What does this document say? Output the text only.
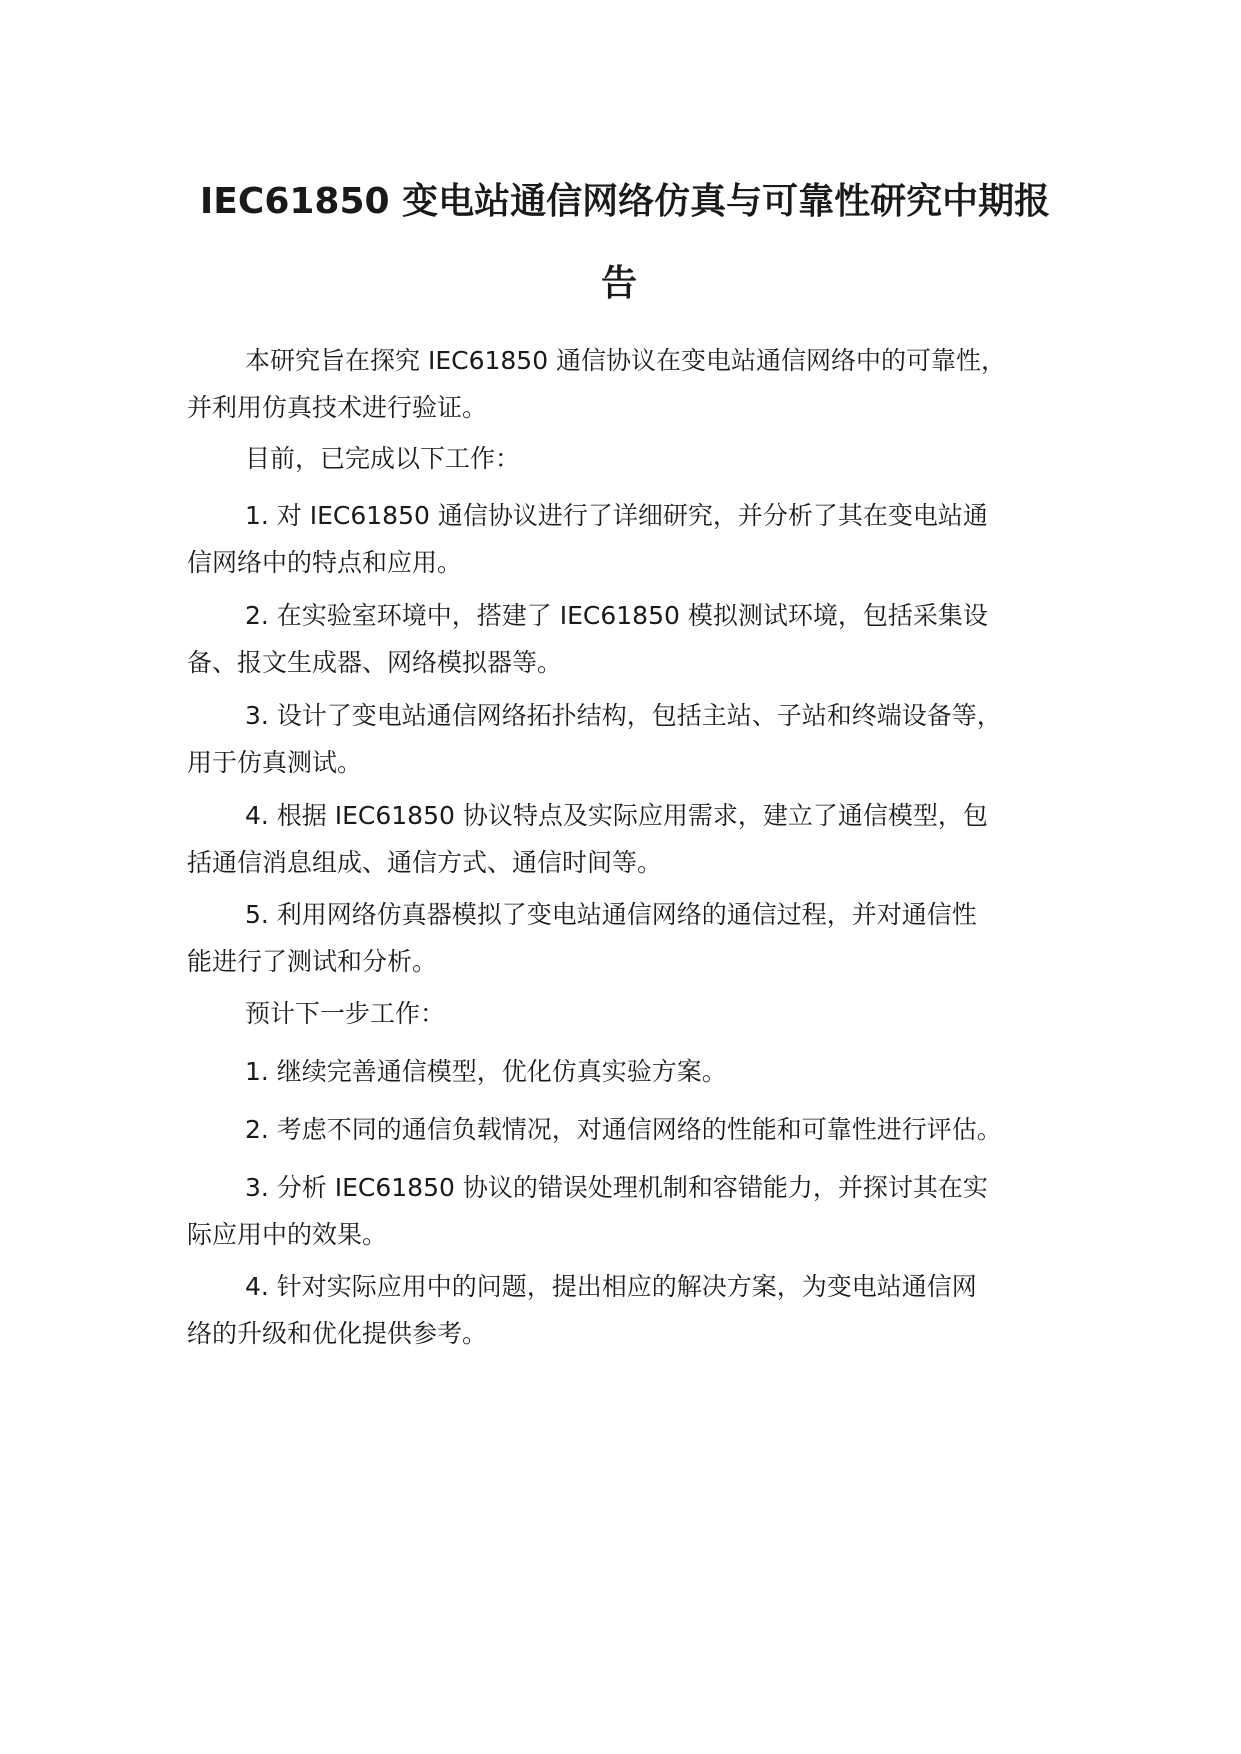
IEC61850 变电站通信网络仿真与可靠性研究中期报
告

本研究旨在探究 IEC61850 通信协议在变电站通信网络中的可靠性，
并利用仿真技术进行验证。

目前，已完成以下工作：

1. 对 IEC61850 通信协议进行了详细研究，并分析了其在变电站通
信网络中的特点和应用。

2. 在实验室环境中，搭建了 IEC61850 模拟测试环境，包括采集设
备、报文生成器、网络模拟器等。

3. 设计了变电站通信网络拓扑结构，包括主站、子站和终端设备等，
用于仿真测试。

4. 根据 IEC61850 协议特点及实际应用需求，建立了通信模型，包
括通信消息组成、通信方式、通信时间等。

5. 利用网络仿真器模拟了变电站通信网络的通信过程，并对通信性
能进行了测试和分析。

预计下一步工作：

1. 继续完善通信模型，优化仿真实验方案。

2. 考虑不同的通信负载情况，对通信网络的性能和可靠性进行评估。

3. 分析 IEC61850 协议的错误处理机制和容错能力，并探讨其在实
际应用中的效果。

4. 针对实际应用中的问题，提出相应的解决方案，为变电站通信网
络的升级和优化提供参考。
